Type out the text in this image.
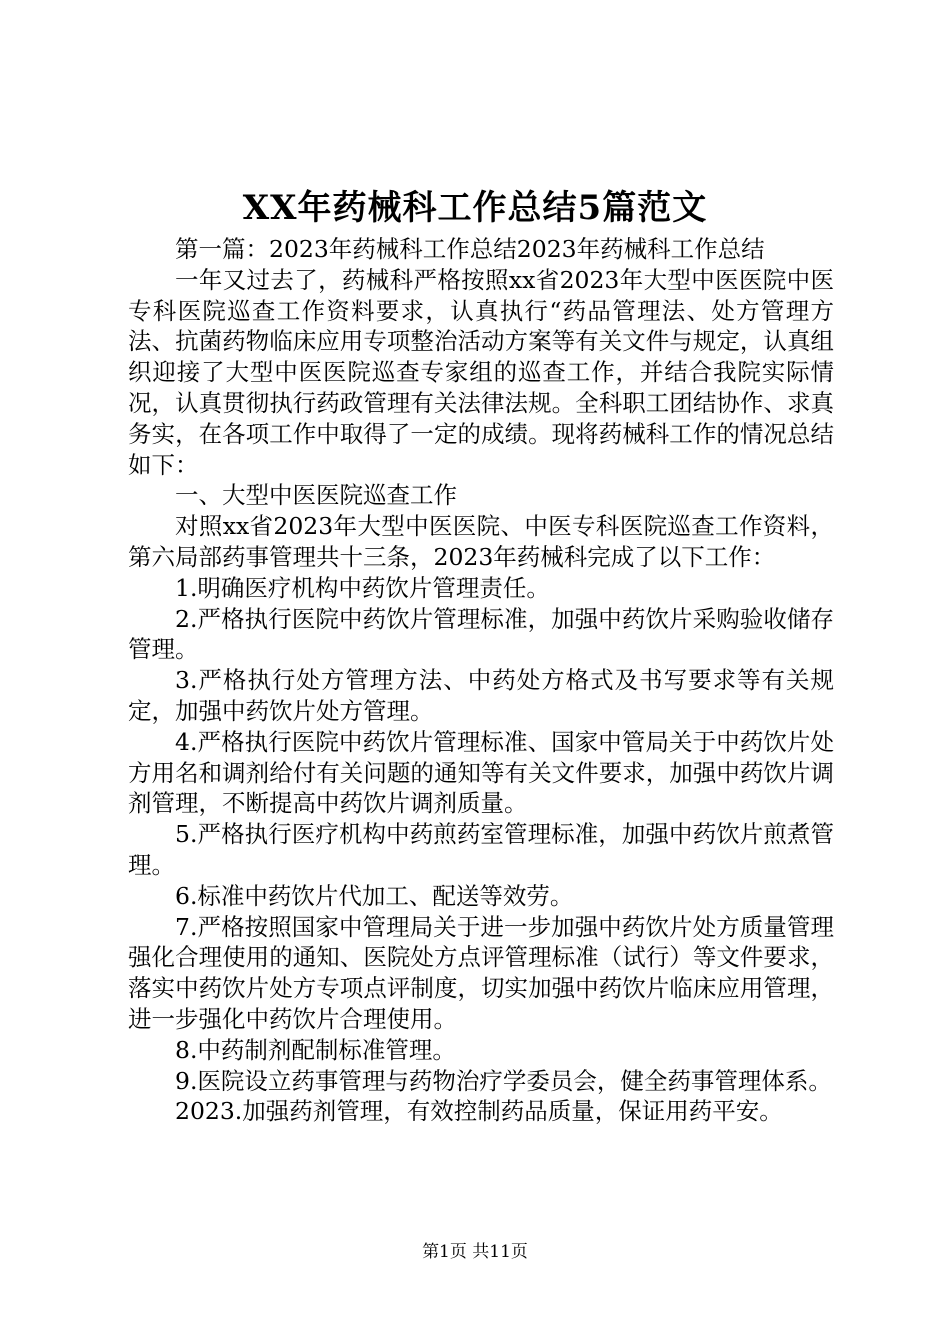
XX年药械科工作总结5篇范文

第一篇：2023年药械科工作总结2023年药械科工作总结

一年又过去了，药械科严格按照xx省2023年大型中医医院中医专科医院巡查工作资料要求，认真执行“药品管理法、处方管理方法、抗菌药物临床应用专项整治活动方案等有关文件与规定，认真组织迎接了大型中医医院巡查专家组的巡查工作，并结合我院实际情况，认真贯彻执行药政管理有关法律法规。全科职工团结协作、求真务实，在各项工作中取得了一定的成绩。现将药械科工作的情况总结如下：

一、大型中医医院巡查工作

对照xx省2023年大型中医医院、中医专科医院巡查工作资料，第六局部药事管理共十三条，2023年药械科完成了以下工作：

1.明确医疗机构中药饮片管理责任。

2.严格执行医院中药饮片管理标准，加强中药饮片采购验收储存管理。

3.严格执行处方管理方法、中药处方格式及书写要求等有关规定，加强中药饮片处方管理。

4.严格执行医院中药饮片管理标准、国家中管局关于中药饮片处方用名和调剂给付有关问题的通知等有关文件要求，加强中药饮片调剂管理，不断提高中药饮片调剂质量。

5.严格执行医疗机构中药煎药室管理标准，加强中药饮片煎煮管理。

6.标准中药饮片代加工、配送等效劳。

7.严格按照国家中管理局关于进一步加强中药饮片处方质量管理强化合理使用的通知、医院处方点评管理标准（试行）等文件要求，落实中药饮片处方专项点评制度，切实加强中药饮片临床应用管理，进一步强化中药饮片合理使用。

8.中药制剂配制标准管理。

9.医院设立药事管理与药物治疗学委员会，健全药事管理体系。

2023.加强药剂管理，有效控制药品质量，保证用药平安。

第1页 共11页
